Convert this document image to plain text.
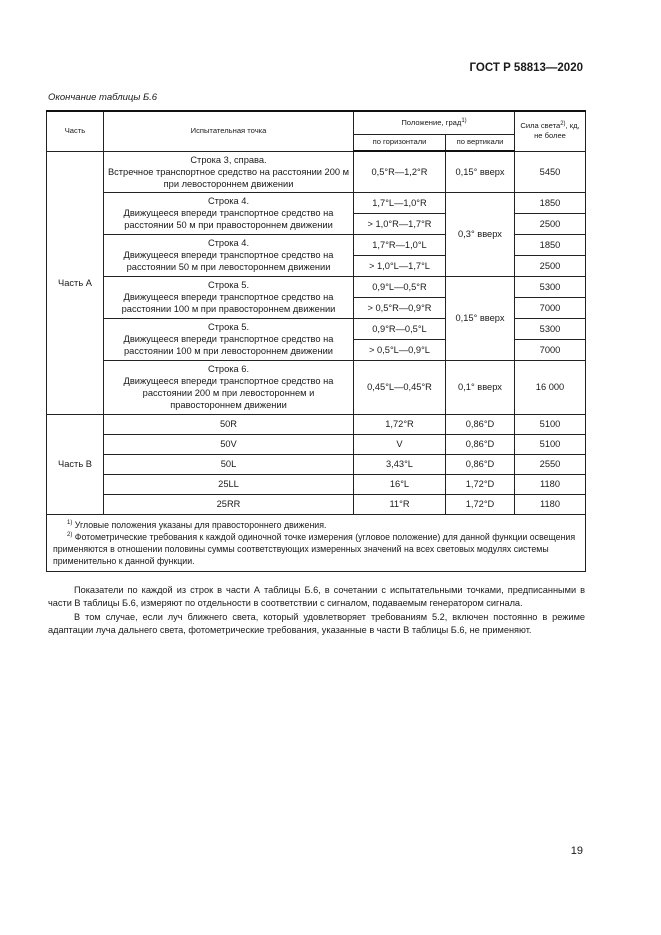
ГОСТ Р 58813—2020
Окончание таблицы Б.6
Часть	Испытательная точка	Положение, град$^{1)}$		Сила света$^{2)}$, кд, не более
		по горизонтали	по вертикали	
Часть А	Строка 3, справа.
Встречное транспортное средство на расстоянии 200 м при левостороннем движении	0,5°R—1,2°R	0,15° вверх	5450
	Строка 4.
Движущееся впереди транспортное средство на расстоянии 50 м при правостороннем движении	1,7°L—1,0°R	0,3° вверх	1850
		> 1,0°R—1,7°R		2500
	Строка 4.
Движущееся впереди транспортное средство на расстоянии 50 м при левостороннем движении	1,7°R—1,0°L		1850
		> 1,0°L—1,7°L		2500
	Строка 5.
Движущееся впереди транспортное средство на расстоянии 100 м при правостороннем движении	0,9°L—0,5°R	0,15° вверх	5300
		> 0,5°R—0,9°R		7000
	Строка 5.
Движущееся впереди транспортное средство на расстоянии 100 м при левостороннем движении	0,9°R—0,5°L		5300
		> 0,5°L—0,9°L		7000
	Строка 6.
Движущееся впереди транспортное средство на расстоянии 200 м при левостороннем и правостороннем движении	0,45°L—0,45°R	0,1° вверх	16 000

Часть В	50R	1,72°R	0,86°D	5100
	50V	V	0,86°D	5100
	50L	3,43°L	0,86°D	2550
	25LL	16°L	1,72°D	1180
	25RR	11°R	1,72°D	1180

$^{1)}$ Угловые положения указаны для правостороннего движения.

$^{2)}$ Фотометрические требования к каждой одиночной точке измерения (угловое положение) для данной функции освещения применяются в отношении половины суммы соответствующих измеренных значений на всех световых модулях системы применительно к данной функции.				

Показатели по каждой из строк в части А таблицы Б.6, в сочетании с испытательными точками, предписанными в части В таблицы Б.6, измеряют по отдельности в соответствии с сигналом, подаваемым генератором сигнала.

В том случае, если луч ближнего света, который удовлетворяет требованиям 5.2, включен постоянно в режиме адаптации луча дальнего света, фотометрические требования, указанные в части В таблицы Б.6, не применяют.

19
